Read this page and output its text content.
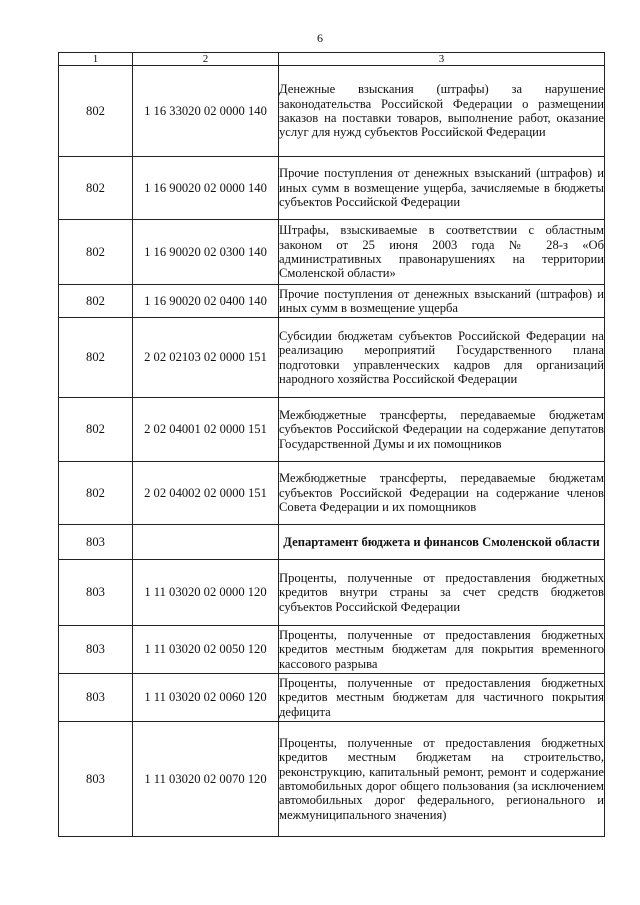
6
1	2	3
802	1 16 33020 02 0000 140	Денежные взыскания (штрафы) за нарушение законодательства Российской Федерации о размещении заказов на поставки товаров, выполнение работ, оказание услуг для нужд субъектов Российской Федерации
802	1 16 90020 02 0000 140	Прочие поступления от денежных взысканий (штрафов) и иных сумм в возмещение ущерба, зачисляемые в бюджеты субъектов Российской Федерации
802	1 16 90020 02 0300 140	Штрафы, взыскиваемые в соответствии с областным законом от 25 июня 2003 года № 28-з «Об административных правонарушениях на территории Смоленской области»
802	1 16 90020 02 0400 140	Прочие поступления от денежных взысканий (штрафов) и иных сумм в возмещение ущерба
802	2 02 02103 02 0000 151	Субсидии бюджетам субъектов Российской Федерации на реализацию мероприятий Государственного плана подготовки управленческих кадров для организаций народного хозяйства Российской Федерации
802	2 02 04001 02 0000 151	Межбюджетные трансферты, передаваемые бюджетам субъектов Российской Федерации на содержание депутатов Государственной Думы и их помощников
802	2 02 04002 02 0000 151	Межбюджетные трансферты, передаваемые бюджетам субъектов Российской Федерации на содержание членов Совета Федерации и их помощников
803		Департамент бюджета и финансов Смоленской области
803	1 11 03020 02 0000 120	Проценты, полученные от предоставления бюджетных кредитов внутри страны за счет средств бюджетов субъектов Российской Федерации
803	1 11 03020 02 0050 120	Проценты, полученные от предоставления бюджетных кредитов местным бюджетам для покрытия временного кассового разрыва
803	1 11 03020 02 0060 120	Проценты, полученные от предоставления бюджетных кредитов местным бюджетам для частичного покрытия дефицита
803	1 11 03020 02 0070 120	Проценты, полученные от предоставления бюджетных кредитов местным бюджетам на строительство, реконструкцию, капитальный ремонт, ремонт и содержание автомобильных дорог общего пользования (за исключением автомобильных дорог федерального, регионального и межмуниципального значения)
